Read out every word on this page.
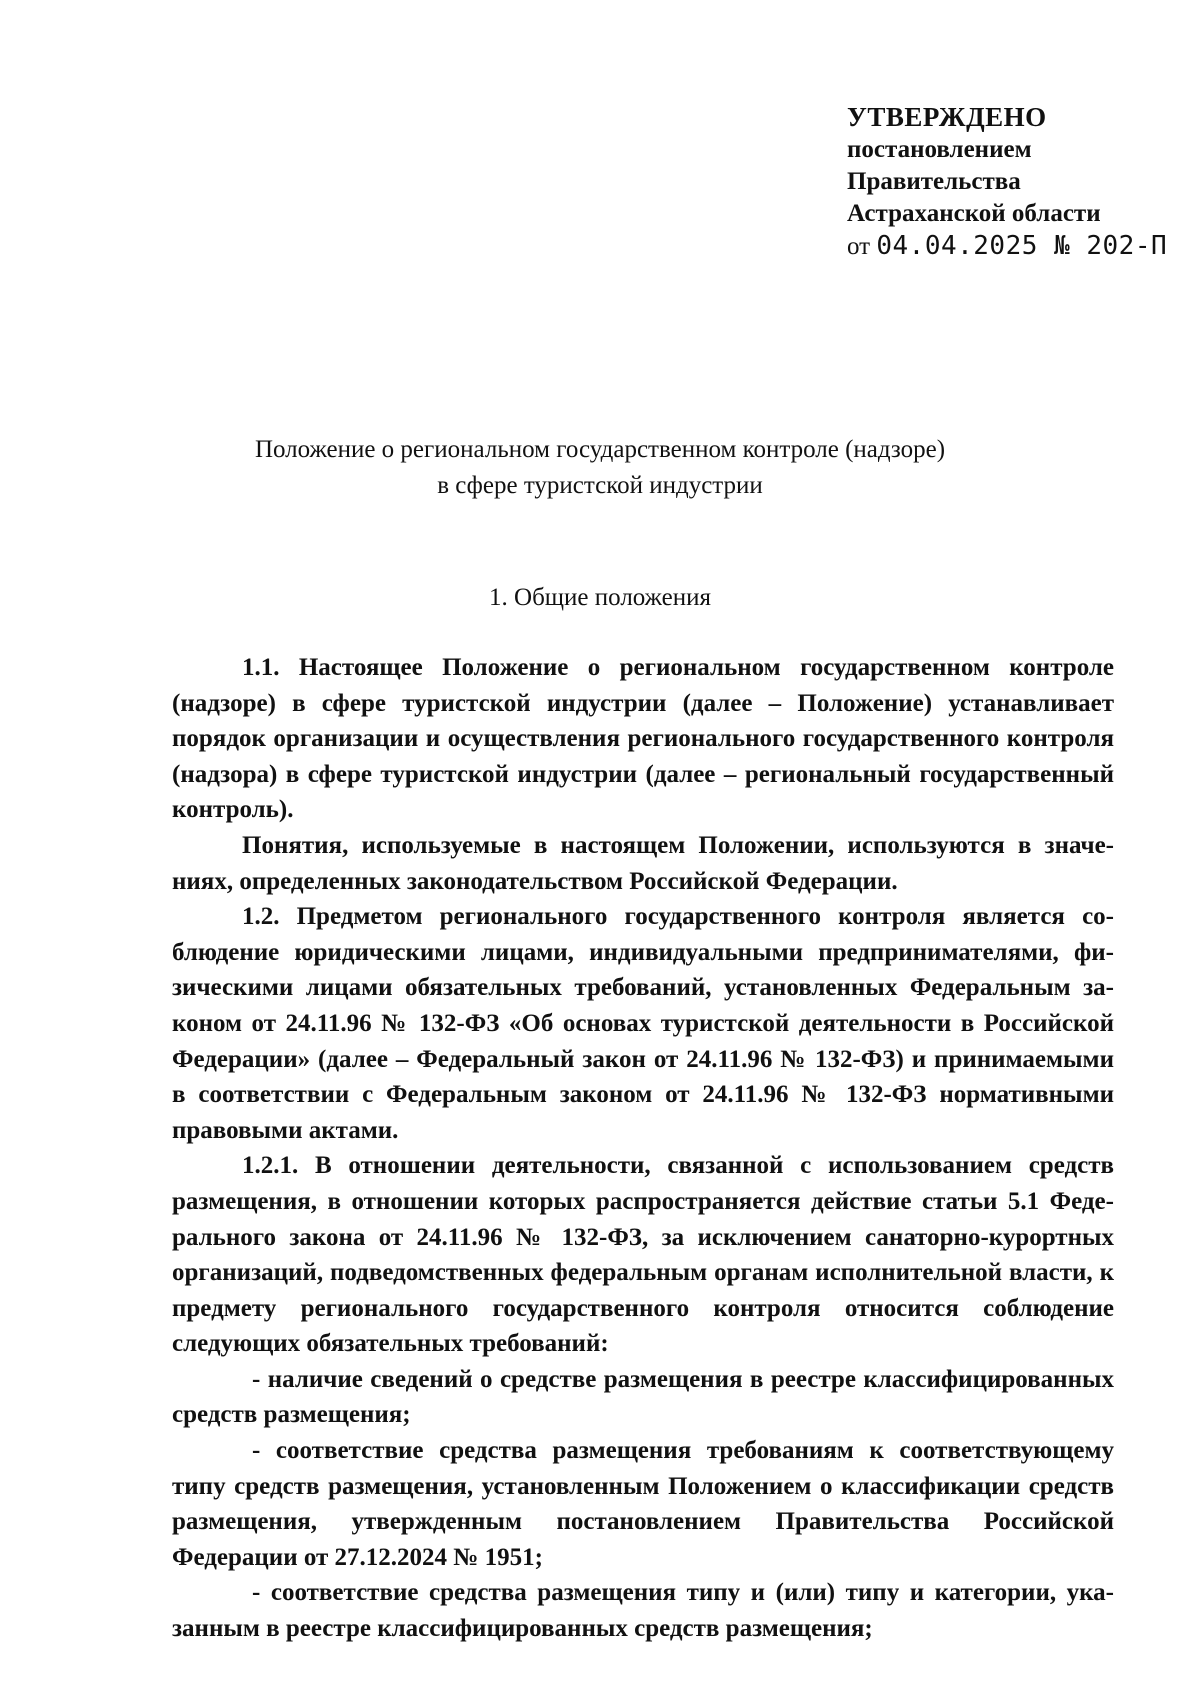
УТВЕРЖДЕНО
постановлением
Правительства
Астраханской области
от 04.04.2025 № 202-П
Положение о региональном государственном контроле (надзоре)
в сфере туристской индустрии
1. Общие положения

1.1. Настоящее Положение о региональном государственном контроле (надзоре) в сфере туристской индустрии (далее – Положение) устанавливает порядок организации и осуществления регионального государственного контроля (надзора) в сфере туристской индустрии (далее – региональный государственный контроль).

Понятия, используемые в настоящем Положении, используются в значениях, определенных законодательством Российской Федерации.

1.2. Предметом регионального государственного контроля является соблюдение юридическими лицами, индивидуальными предпринимателями, физическими лицами обязательных требований, установленных Федеральным законом от 24.11.96 № 132-ФЗ «Об основах туристской деятельности в Российской Федерации» (далее – Федеральный закон от 24.11.96 № 132-ФЗ) и принимаемыми в соответствии с Федеральным законом от 24.11.96 № 132-ФЗ нормативными правовыми актами.

1.2.1. В отношении деятельности, связанной с использованием средств размещения, в отношении которых распространяется действие статьи 5.1 Федерального закона от 24.11.96 № 132-ФЗ, за исключением санаторно-курортных организаций, подведомственных федеральным органам исполнительной власти, к предмету регионального государственного контроля относится соблюдение следующих обязательных требований:

- наличие сведений о средстве размещения в реестре классифицированных средств размещения;

- соответствие средства размещения требованиям к соответствующему типу средств размещения, установленным Положением о классификации средств размещения, утвержденным постановлением Правительства Российской Федерации от 27.12.2024 № 1951;

- соответствие средства размещения типу и (или) типу и категории, указанным в реестре классифицированных средств размещения;
